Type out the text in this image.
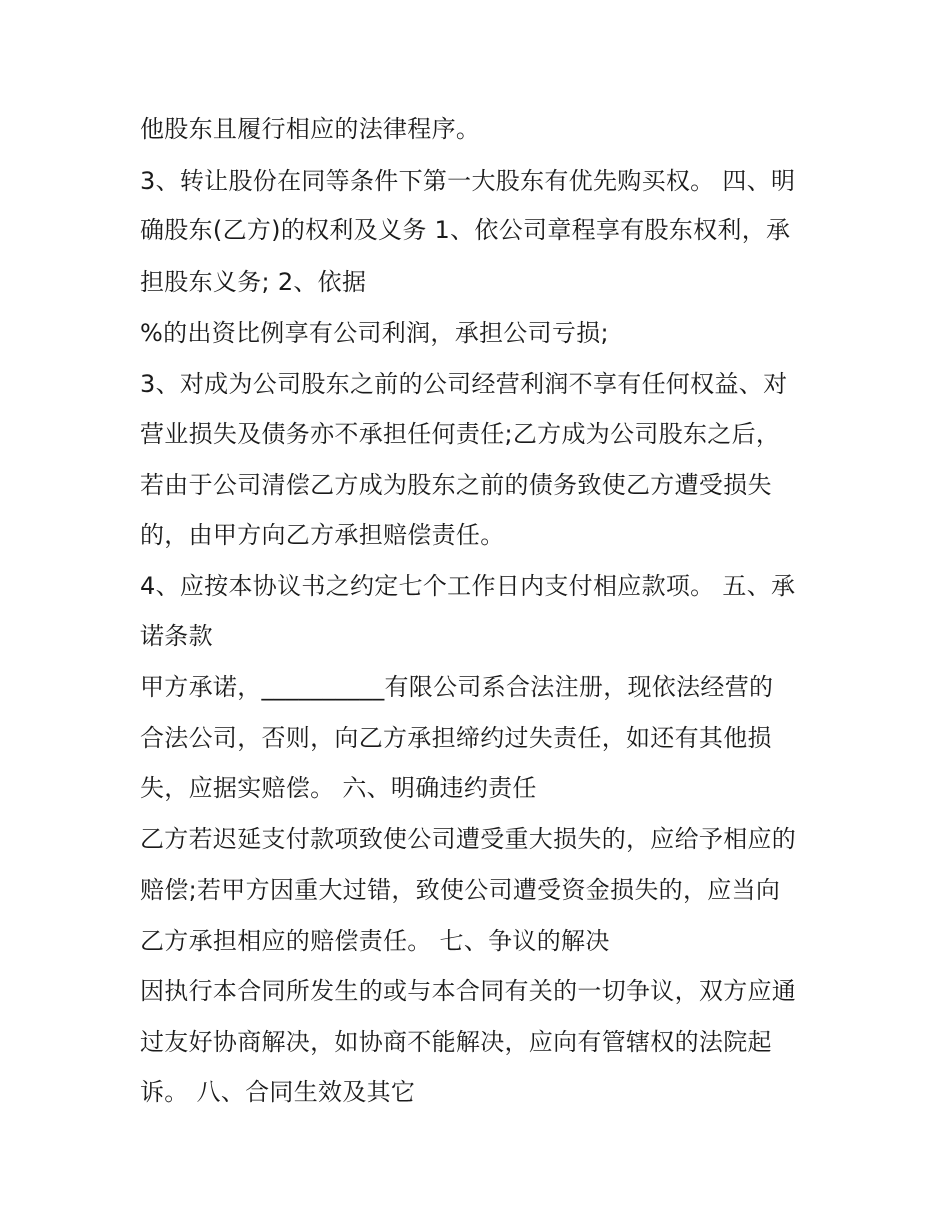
他股东且履行相应的法律程序。
3、转让股份在同等条件下第一大股东有优先购买权。 四、明
确股东(乙方)的权利及义务 1、依公司章程享有股东权利，承
担股东义务; 2、依据
%的出资比例享有公司利润，承担公司亏损;
3、对成为公司股东之前的公司经营利润不享有任何权益、对
营业损失及债务亦不承担任何责任;乙方成为公司股东之后，
若由于公司清偿乙方成为股东之前的债务致使乙方遭受损失
的，由甲方向乙方承担赔偿责任。
4、应按本协议书之约定七个工作日内支付相应款项。 五、承
诺条款
甲方承诺，__________有限公司系合法注册，现依法经营的
合法公司，否则，向乙方承担缔约过失责任，如还有其他损
失，应据实赔偿。 六、明确违约责任
乙方若迟延支付款项致使公司遭受重大损失的，应给予相应的
赔偿;若甲方因重大过错，致使公司遭受资金损失的，应当向
乙方承担相应的赔偿责任。 七、争议的解决
因执行本合同所发生的或与本合同有关的一切争议，双方应通
过友好协商解决，如协商不能解决，应向有管辖权的法院起
诉。 八、合同生效及其它
